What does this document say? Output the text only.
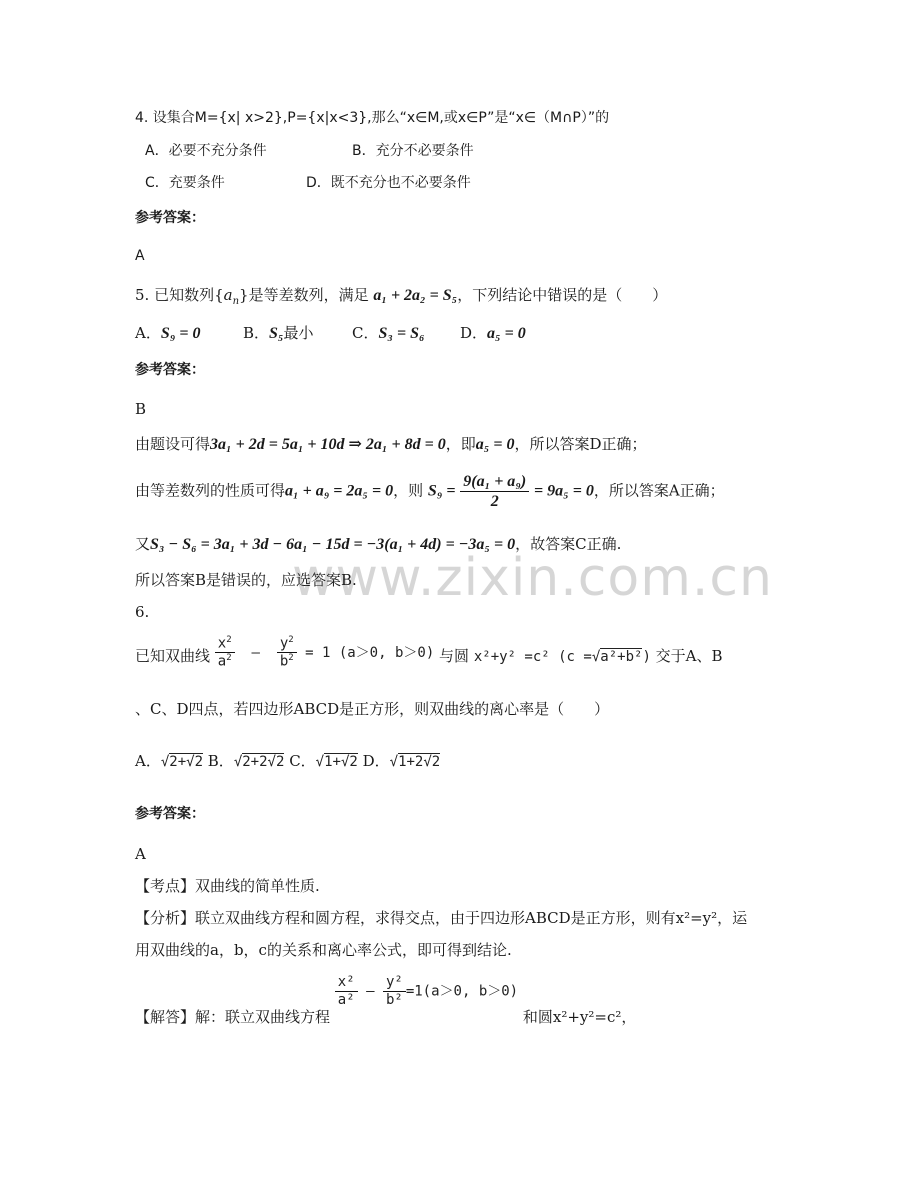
www.zixin.com.cn
4. 设集合M={x| x>2},P={x|x<3},那么“x∈M,或x∈P”是“x∈（M∩P）”的
A．必要不充分条件	B．充分不必要条件
C．充要条件	D．既不充分也不必要条件
参考答案：
A
5. 已知数列$\{a_n\}$是等差数列，满足 a₁ + 2a₂ = S₅，下列结论中错误的是（　　）
A．S₉ = 0	B．S₅最小	C．S₃ = S₆ D．a₅ = 0
参考答案：
B
由题设可得3a₁ + 2d = 5a₁ + 10d ⇒ 2a₁ + 8d = 0，即a₅ = 0，所以答案D正确；
由等差数列的性质可得a₁ + a₉ = 2a₅ = 0，则 $S_9 = \frac{\text{9(a₁ + a₉)}}{2} = 9a_5 = 0$，所以答案A正确；
又S₃ − S₆ = 3a₁ + 3d − 6a₁ − 15d = −3(a₁ + 4d) = −3a₅ = 0，故答案C正确.
所以答案B是错误的，应选答案B.
6.
已知双曲线 $\frac{x^2}{a^2} - \frac{y^2}{b^2} = 1$ (a＞0, b＞0) 与圆 x²+y² =c² (c =√a²+b²) 交于A、B
、C、D四点，若四边形ABCD是正方形，则双曲线的离心率是（　　）
A．√2+√2 B．√2+2√2 C．√1+√2 D．√1+2√2
参考答案：
A
【考点】双曲线的简单性质.
【分析】联立双曲线方程和圆方程，求得交点，由于四边形ABCD是正方形，则有x²=y²，运
用双曲线的a，b，c的关系和离心率公式，即可得到结论.
【解答】解：联立双曲线方程
$\frac{\text{x²}}{\text{a²}} - \frac{\text{y²}}{\text{b²}} =1(a>0$, b＞0) 和圆x²+y²=c²，
